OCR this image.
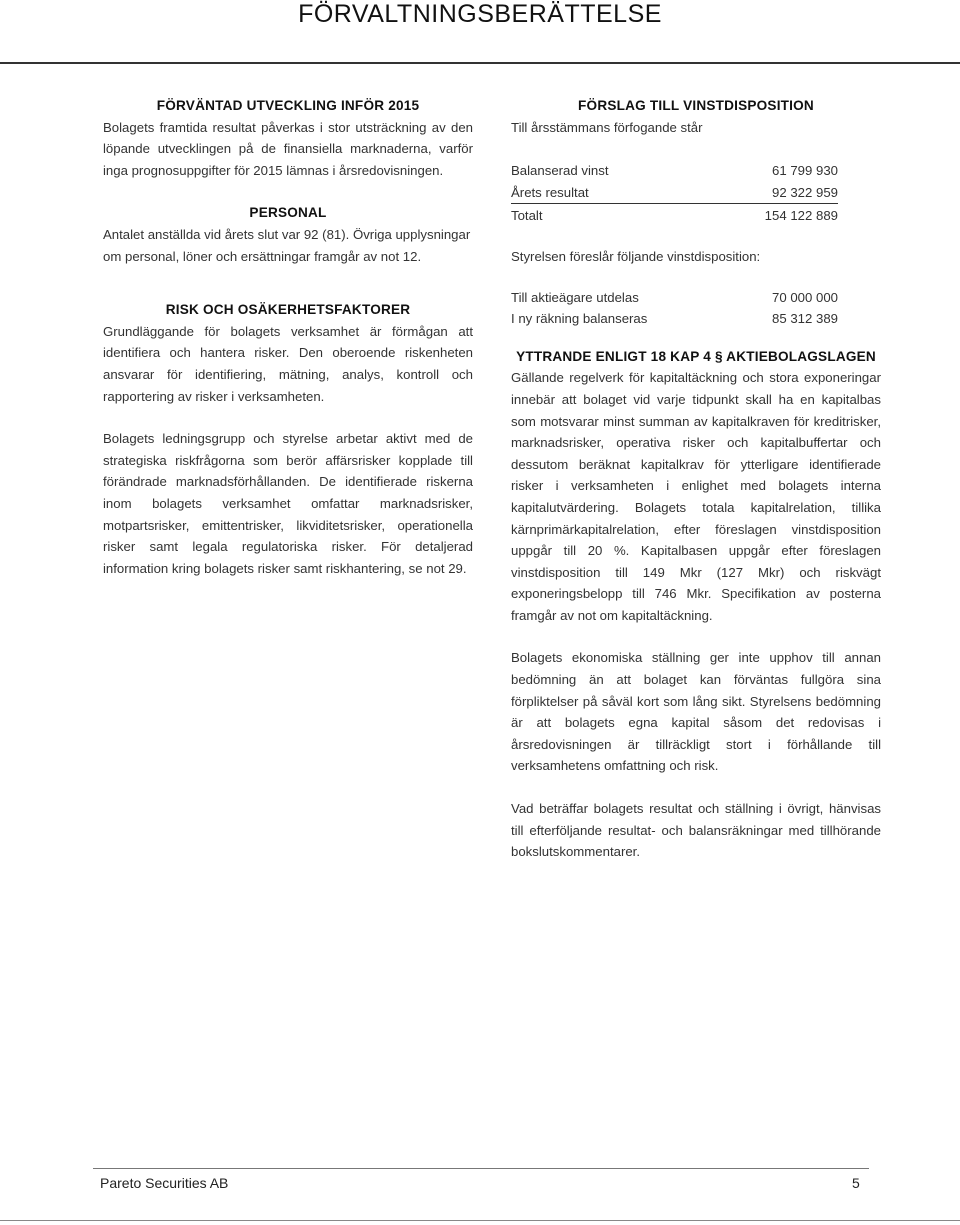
FÖRVALTNINGSBERÄTTELSE

FÖRVÄNTAD UTVECKLING INFÖR 2015

Bolagets framtida resultat påverkas i stor utsträckning av den löpande utvecklingen på de finansiella marknaderna, varför inga prognosuppgifter för 2015 lämnas i årsredovisningen.

PERSONAL

Antalet anställda vid årets slut var 92 (81). Övriga upplysningar om personal, löner och ersättningar framgår av not 12.

RISK OCH OSÄKERHETSFAKTORER

Grundläggande för bolagets verksamhet är förmågan att identifiera och hantera risker. Den oberoende riskenheten ansvarar för identifiering, mätning, analys, kontroll och rapportering av risker i verksamheten.

Bolagets ledningsgrupp och styrelse arbetar aktivt med de strategiska riskfrågorna som berör affärsrisker kopplade till förändrade marknadsförhållanden. De identifierade riskerna inom bolagets verksamhet omfattar marknadsrisker, motpartsrisker, emittentrisker, likviditetsrisker, operationella risker samt legala regulatoriska risker. För detaljerad information kring bolagets risker samt riskhantering, se not 29.

FÖRSLAG TILL VINSTDISPOSITION

Till årsstämmans förfogande står

Balanserad vinst	61 799 930
Årets resultat	92 322 959
Totalt	154 122 889

Styrelsen föreslår följande vinstdisposition:

Till aktieägare utdelas	70 000 000
I ny räkning balanseras	85 312 389

YTTRANDE ENLIGT 18 KAP 4 § AKTIEBOLAGSLAGEN

Gällande regelverk för kapitaltäckning och stora exponeringar innebär att bolaget vid varje tidpunkt skall ha en kapitalbas som motsvarar minst summan av kapitalkraven för kreditrisker, marknadsrisker, operativa risker och kapitalbuffertar och dessutom beräknat kapitalkrav för ytterligare identifierade risker i verksamheten i enlighet med bolagets interna kapitalutvärdering. Bolagets totala kapitalrelation, tillika kärnprimärkapitalrelation, efter föreslagen vinstdisposition uppgår till 20 %. Kapitalbasen uppgår efter föreslagen vinstdisposition till 149 Mkr (127 Mkr) och riskvägt exponeringsbelopp till 746 Mkr. Specifikation av posterna framgår av not om kapitaltäckning.

Bolagets ekonomiska ställning ger inte upphov till annan bedömning än att bolaget kan förväntas fullgöra sina förpliktelser på såväl kort som lång sikt. Styrelsens bedömning är att bolagets egna kapital såsom det redovisas i årsredovisningen är tillräckligt stort i förhållande till verksamhetens omfattning och risk.

Vad beträffar bolagets resultat och ställning i övrigt, hänvisas till efterföljande resultat- och balansräkningar med tillhörande bokslutskommentarer.

Pareto Securities AB	5
